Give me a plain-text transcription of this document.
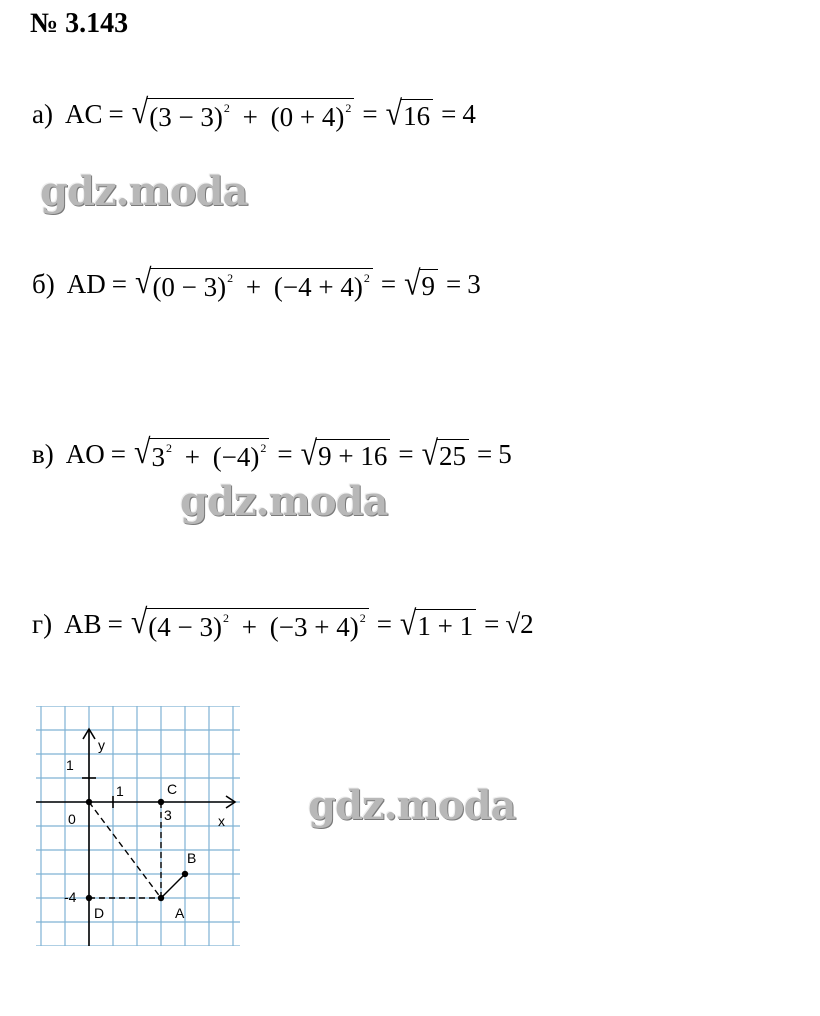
№ 3.143
а) AC = √ $(3 - 3)^2 + (0 + 4)^2$ = √ 16 = 4
gdz.moda
б) AD = √ $(0 - 3)^2 + (-4 + 4)^2$ = √ 9 = 3
в) AO = √ $3^2 + (-4)^2$ = √ 9 + 16 = √ 25 = 5
gdz.moda
г) AB = √ $(4 - 3)^2 + (-3 + 4)^2$ = √ 1 + 1 = √2
y
x
0
1
1
3
-4
C
B
A
D
gdz.moda
